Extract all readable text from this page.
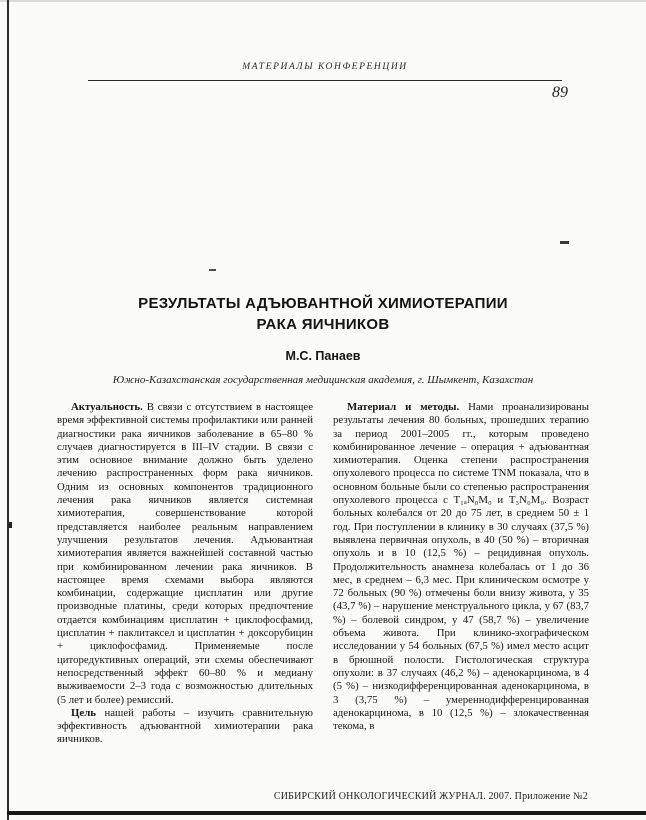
МАТЕРИАЛЫ КОНФЕРЕНЦИИ
89
РЕЗУЛЬТАТЫ АДЪЮВАНТНОЙ ХИМИОТЕРАПИИ
РАКА ЯИЧНИКОВ
М.С. Панаев
Южно-Казахстанская государственная медицинская академия, г. Шымкент, Казахстан

Актуальность. В связи с отсутствием в настоящее время эффективной системы профилактики или ранней диагностики рака яичников заболевание в 65–80 % случаев диагностируется в III–IV стадии. В связи с этим основное внимание должно быть уделено лечению распространенных форм рака яичников. Одним из основных компонентов традиционного лечения рака яичников является системная химиотерапия, совершенствование которой представляется наиболее реальным направлением улучшения результатов лечения. Адъювантная химиотерапия является важнейшей составной частью при комбинированном лечении рака яичников. В настоящее время схемами выбора являются комбинации, содержащие цисплатин или другие производные платины, среди которых предпочтение отдается комбинациям цисплатин + циклофосфамид, цисплатин + паклитаксел и цисплатин + доксорубицин + циклофосфамид. Применяемые после циторедуктивных операций, эти схемы обеспечивают непосредственный эффект 60–80 % и медиану выживаемости 2–3 года с возможностью длительных (5 лет и более) ремиссий.

Цель нашей работы – изучить сравнительную эффективность адъювантной химиотерапии рака яичников.

Материал и методы. Нами проанализированы результаты лечения 80 больных, прошедших терапию за период 2001–2005 гг., которым проведено комбинированное лечение – операция + адъювантная химиотерапия. Оценка степени распространения опухолевого процесса по системе TNM показала, что в основном больные были со степенью распространения опухолевого процесса с T₁ₐN₀M₀ и T₃N₀M₀. Возраст больных колебался от 20 до 75 лет, в среднем 50 ± 1 год. При поступлении в клинику в 30 случаях (37,5 %) выявлена первичная опухоль, в 40 (50 %) – вторичная опухоль и в 10 (12,5 %) – рецидивная опухоль. Продолжительность анамнеза колебалась от 1 до 36 мес, в среднем – 6,3 мес. При клиническом осмотре у 72 больных (90 %) отмечены боли внизу живота, у 35 (43,7 %) – нарушение менструального цикла, у 67 (83,7 %) – болевой синдром, у 47 (58,7 %) – увеличение объема живота. При клинико-эхографическом исследовании у 54 больных (67,5 %) имел место асцит в брюшной полости. Гистологическая структура опухоли: в 37 случаях (46,2 %) – аденокарцинома, в 4 (5 %) – низкодифференцированная аденокарцинома, в 3 (3,75 %) – умереннодифференцированная аденокарцинома, в 10 (12,5 %) – злокачественная текома, в

СИБИРСКИЙ ОНКОЛОГИЧЕСКИЙ ЖУРНАЛ. 2007. Приложение №2
